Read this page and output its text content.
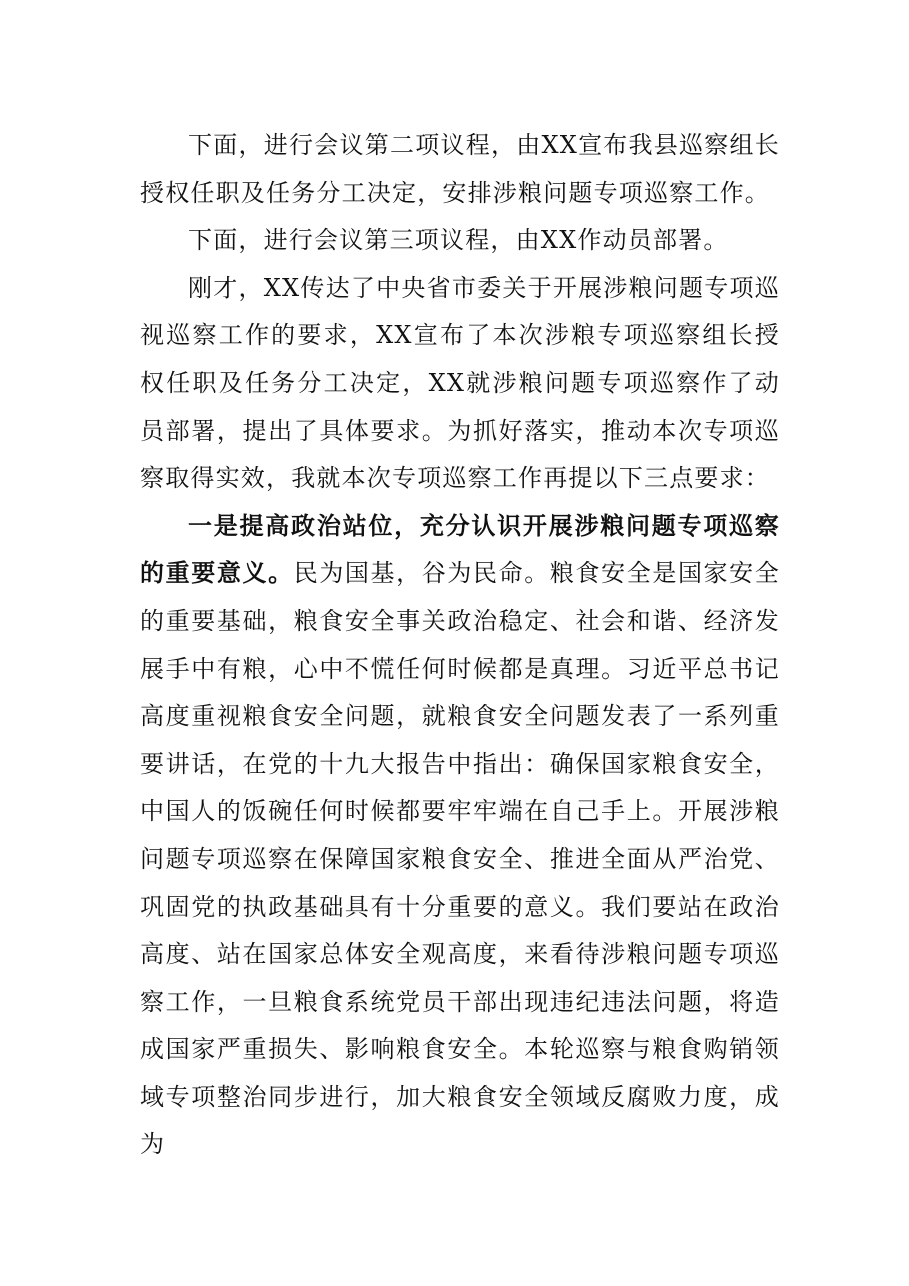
下面，进行会议第二项议程，由XX宣布我县巡察组长授权任职及任务分工决定，安排涉粮问题专项巡察工作。

下面，进行会议第三项议程，由XX作动员部署。

刚才，XX传达了中央省市委关于开展涉粮问题专项巡视巡察工作的要求，XX宣布了本次涉粮专项巡察组长授权任职及任务分工决定，XX就涉粮问题专项巡察作了动员部署，提出了具体要求。为抓好落实，推动本次专项巡察取得实效，我就本次专项巡察工作再提以下三点要求：

一是提高政治站位，充分认识开展涉粮问题专项巡察的重要意义。民为国基，谷为民命。粮食安全是国家安全的重要基础，粮食安全事关政治稳定、社会和谐、经济发展手中有粮，心中不慌任何时候都是真理。习近平总书记高度重视粮食安全问题，就粮食安全问题发表了一系列重要讲话，在党的十九大报告中指出：确保国家粮食安全，中国人的饭碗任何时候都要牢牢端在自己手上。开展涉粮问题专项巡察在保障国家粮食安全、推进全面从严治党、巩固党的执政基础具有十分重要的意义。我们要站在政治高度、站在国家总体安全观高度，来看待涉粮问题专项巡察工作，一旦粮食系统党员干部出现违纪违法问题，将造成国家严重损失、影响粮食安全。本轮巡察与粮食购销领域专项整治同步进行，加大粮食安全领域反腐败力度，成为
